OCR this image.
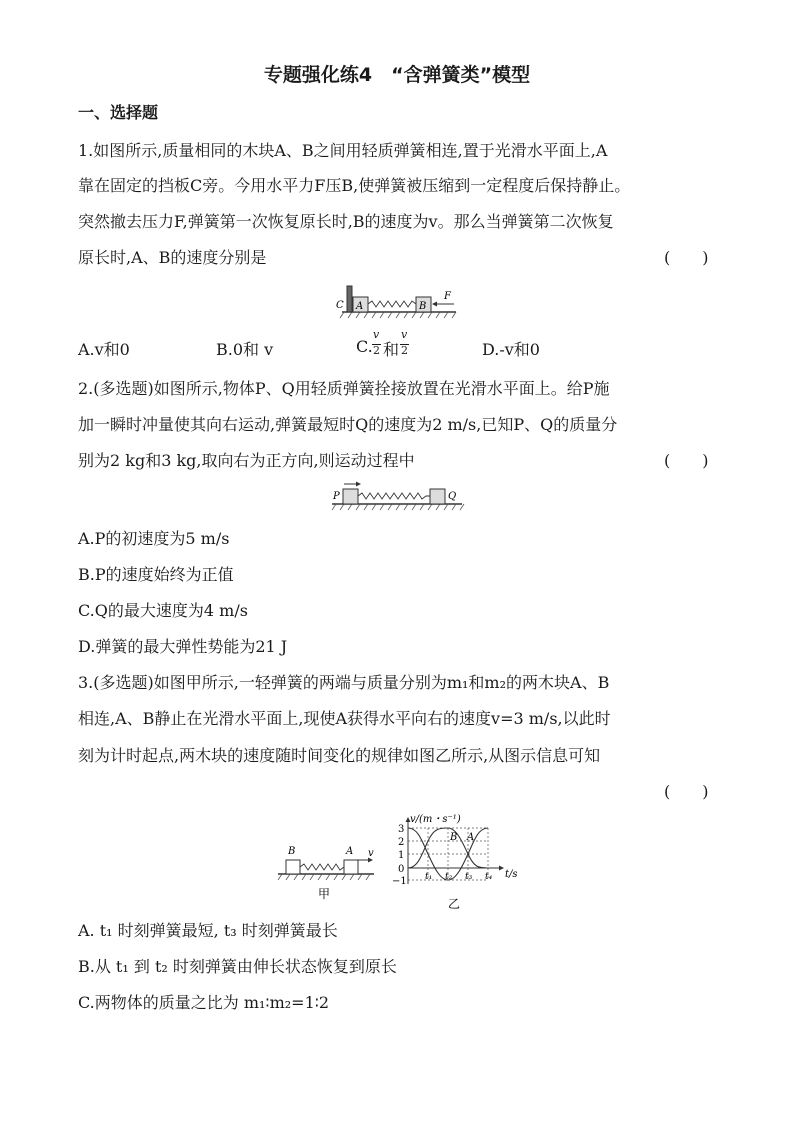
专题强化练4　“含弹簧类”模型
一、选择题
1.如图所示,质量相同的木块A、B之间用轻质弹簧相连,置于光滑水平面上,A
靠在固定的挡板C旁。今用水平力F压B,使弹簧被压缩到一定程度后保持静止。
突然撤去压力F,弹簧第一次恢复原长时,B的速度为v。那么当弹簧第二次恢复
原长时,A、B的速度分别是	(　　)
C A	B
F
A.v和0	B.0和 v	C.
v
2 和
v
2	D.-v和0
2.(多选题)如图所示,物体P、Q用轻质弹簧拴接放置在光滑水平面上。给P施
加一瞬时冲量使其向右运动,弹簧最短时Q的速度为2 m/s,已知P、Q的质量分
别为2 kg和3 kg,取向右为正方向,则运动过程中	(　　)
P	Q
A.P的初速度为5 m/s
B.P的速度始终为正值
C.Q的最大速度为4 m/s
D.弹簧的最大弹性势能为21 J
3.(多选题)如图甲所示,一轻弹簧的两端与质量分别为m₁和m₂的两木块A、B
相连,A、B静止在光滑水平面上,现使A获得水平向右的速度v=3 m/s,以此时
刻为计时起点,两木块的速度随时间变化的规律如图乙所示,从图示信息可知
(　　)
B	A v
甲
v/(m・s⁻¹)
t/s
3
2
1
0
−1
B A
t₁ t₂ t₃ t₄
乙
A. t₁ 时刻弹簧最短, t₃ 时刻弹簧最长
B.从 t₁ 到 t₂ 时刻弹簧由伸长状态恢复到原长
C.两物体的质量之比为 m₁∶m₂=1∶2
